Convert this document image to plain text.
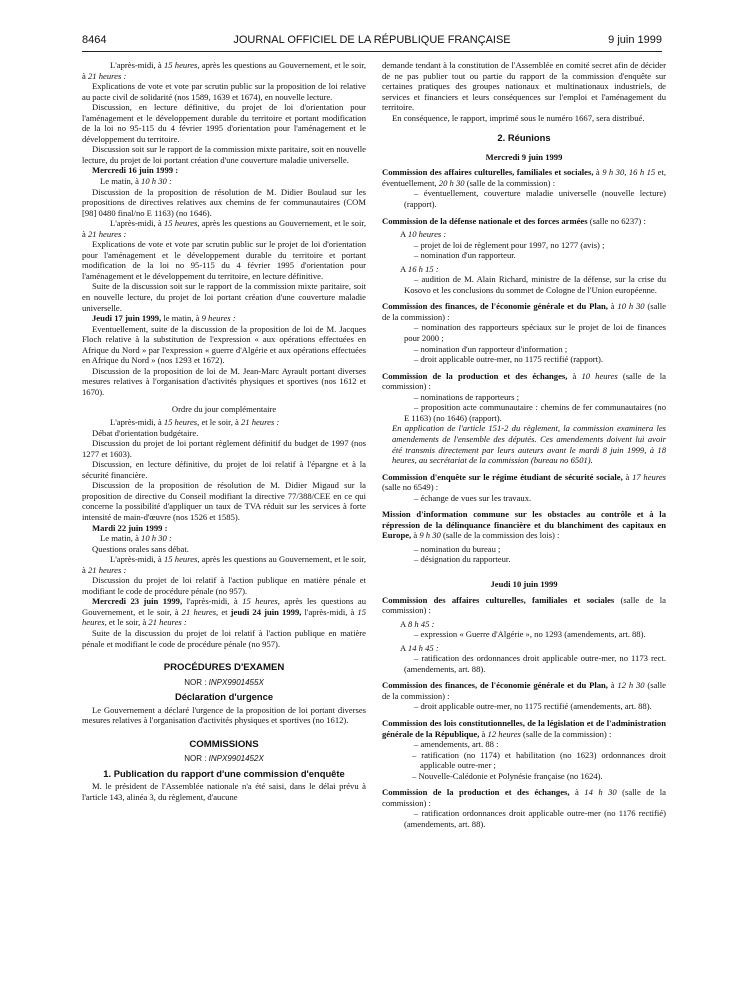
8464	JOURNAL OFFICIEL DE LA RÉPUBLIQUE FRANÇAISE	9 juin 1999

L'après-midi, à 15 heures, après les questions au Gouvernement, et le soir, à 21 heures :

Explications de vote et vote par scrutin public sur la proposition de loi relative au pacte civil de solidarité (nos 1589, 1639 et 1674), en nouvelle lecture.

Discussion, en lecture définitive, du projet de loi d'orientation pour l'aménagement et le développement durable du territoire et portant modification de la loi no 95-115 du 4 février 1995 d'orientation pour l'aménagement et le développement du territoire.

Discussion soit sur le rapport de la commission mixte paritaire, soit en nouvelle lecture, du projet de loi portant création d'une couverture maladie universelle.

Mercredi 16 juin 1999 :

Le matin, à 10 h 30 :

Discussion de la proposition de résolution de M. Didier Boulaud sur les propositions de directives relatives aux chemins de fer communautaires (COM [98] 0480 final/no E 1163) (no 1646).

L'après-midi, à 15 heures, après les questions au Gouvernement, et le soir, à 21 heures :

Explications de vote et vote par scrutin public sur le projet de loi d'orientation pour l'aménagement et le développement durable du territoire et portant modification de la loi no 95-115 du 4 février 1995 d'orientation pour l'aménagement et le développement du territoire, en lecture définitive.

Suite de la discussion soit sur le rapport de la commission mixte paritaire, soit en nouvelle lecture, du projet de loi portant création d'une couverture maladie universelle.

Jeudi 17 juin 1999, le matin, à 9 heures :

Eventuellement, suite de la discussion de la proposition de loi de M. Jacques Floch relative à la substitution de l'expression « aux opérations effectuées en Afrique du Nord » par l'expression « guerre d'Algérie et aux opérations effectuées en Afrique du Nord » (nos 1293 et 1672).

Discussion de la proposition de loi de M. Jean-Marc Ayrault portant diverses mesures relatives à l'organisation d'activités physiques et sportives (nos 1612 et 1670).

Ordre du jour complémentaire

L'après-midi, à 15 heures, et le soir, à 21 heures :

Débat d'orientation budgétaire.

Discussion du projet de loi portant règlement définitif du budget de 1997 (nos 1277 et 1603).

Discussion, en lecture définitive, du projet de loi relatif à l'épargne et à la sécurité financière.

Discussion de la proposition de résolution de M. Didier Migaud sur la proposition de directive du Conseil modifiant la directive 77/388/CEE en ce qui concerne la possibilité d'appliquer un taux de TVA réduit sur les services à forte intensité de main-d'œuvre (nos 1526 et 1585).

Mardi 22 juin 1999 :

Le matin, à 10 h 30 :

Questions orales sans débat.

L'après-midi, à 15 heures, après les questions au Gouvernement, et le soir, à 21 heures :

Discussion du projet de loi relatif à l'action publique en matière pénale et modifiant le code de procédure pénale (no 957).

Mercredi 23 juin 1999, l'après-midi, à 15 heures, après les questions au Gouvernement, et le soir, à 21 heures, et jeudi 24 juin 1999, l'après-midi, à 15 heures, et le soir, à 21 heures :

Suite de la discussion du projet de loi relatif à l'action publique en matière pénale et modifiant le code de procédure pénale (no 957).

PROCÉDURES D'EXAMEN

NOR : INPX9901455X

Déclaration d'urgence

Le Gouvernement a déclaré l'urgence de la proposition de loi portant diverses mesures relatives à l'organisation d'activités physiques et sportives (no 1612).

COMMISSIONS

NOR : INPX9901452X

1. Publication du rapport d'une commission d'enquête

M. le président de l'Assemblée nationale n'a été saisi, dans le délai prévu à l'article 143, alinéa 3, du règlement, d'aucune

demande tendant à la constitution de l'Assemblée en comité secret afin de décider de ne pas publier tout ou partie du rapport de la commission d'enquête sur certaines pratiques des groupes nationaux et multinationaux industriels, de services et financiers et leurs conséquences sur l'emploi et l'aménagement du territoire.

En conséquence, le rapport, imprimé sous le numéro 1667, sera distribué.

2. Réunions

Mercredi 9 juin 1999

Commission des affaires culturelles, familiales et sociales, à 9 h 30, 16 h 15 et, éventuellement, 20 h 30 (salle de la commission) :

– éventuellement, couverture maladie universelle (nouvelle lecture) (rapport).

Commission de la défense nationale et des forces armées (salle no 6237) :

A 10 heures :

– projet de loi de règlement pour 1997, no 1277 (avis) ;

– nomination d'un rapporteur.

A 16 h 15 :

– audition de M. Alain Richard, ministre de la défense, sur la crise du Kosovo et les conclusions du sommet de Cologne de l'Union européenne.

Commission des finances, de l'économie générale et du Plan, à 10 h 30 (salle de la commission) :

– nomination des rapporteurs spéciaux sur le projet de loi de finances pour 2000 ;

– nomination d'un rapporteur d'information ;

– droit applicable outre-mer, no 1175 rectifié (rapport).

Commission de la production et des échanges, à 10 heures (salle de la commission) :

– nominations de rapporteurs ;

– proposition acte communautaire : chemins de fer communautaires (no E 1163) (no 1646) (rapport).

En application de l'article 151-2 du règlement, la commission examinera les amendements de l'ensemble des députés. Ces amendements doivent lui avoir été transmis directement par leurs auteurs avant le mardi 8 juin 1999, à 18 heures, au secrétariat de la commission (bureau no 6501).

Commission d'enquête sur le régime étudiant de sécurité sociale, à 17 heures (salle no 6549) :

– échange de vues sur les travaux.

Mission d'information commune sur les obstacles au contrôle et à la répression de la délinquance financière et du blanchiment des capitaux en Europe, à 9 h 30 (salle de la commission des lois) :

– nomination du bureau ;

– désignation du rapporteur.

Jeudi 10 juin 1999

Commission des affaires culturelles, familiales et sociales (salle de la commission) :

A 8 h 45 :

– expression « Guerre d'Algérie », no 1293 (amendements, art. 88).

A 14 h 45 :

– ratification des ordonnances droit applicable outre-mer, no 1173 rect. (amendements, art. 88).

Commission des finances, de l'économie générale et du Plan, à 12 h 30 (salle de la commission) :

– droit applicable outre-mer, no 1175 rectifié (amendements, art. 88).

Commission des lois constitutionnelles, de la législation et de l'administration générale de la République, à 12 heures (salle de la commission) :

– amendements, art. 88 :

– ratification (no 1174) et habilitation (no 1623) ordonnances droit applicable outre-mer ;

– Nouvelle-Calédonie et Polynésie française (no 1624).

Commission de la production et des échanges, à 14 h 30 (salle de la commission) :

– ratification ordonnances droit applicable outre-mer (no 1176 rectifié) (amendements, art. 88).
